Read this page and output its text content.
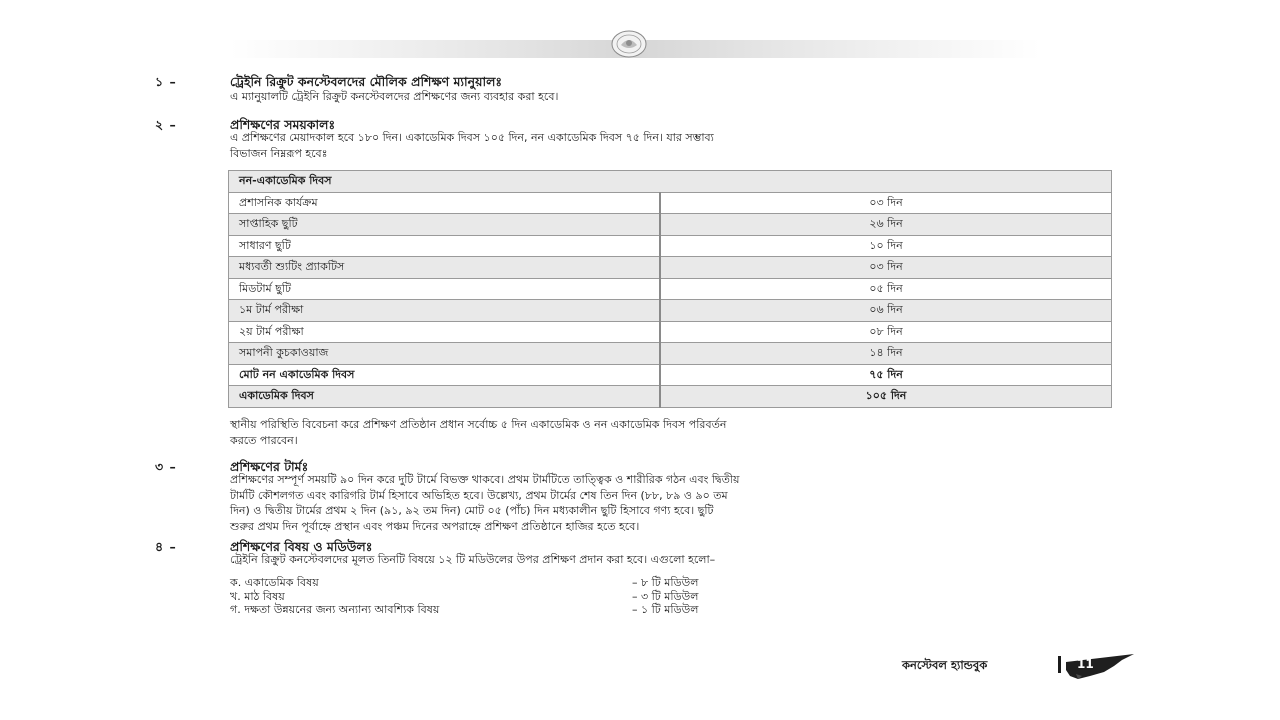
১ –	ট্রেইনি রিক্রুট কনস্টেবলদের মৌলিক প্রশিক্ষণ ম্যানুয়ালঃ
এ ম্যানুয়ালটি ট্রেইনি রিক্রুট কনস্টেবলদের প্রশিক্ষণের জন্য ব্যবহার করা হবে।
২ –	প্রশিক্ষণের সময়কালঃ
এ প্রশিক্ষণের মেয়াদকাল হবে ১৮০ দিন। একাডেমিক দিবস ১০৫ দিন, নন একাডেমিক দিবস ৭৫ দিন। যার সম্ভাব্য
বিভাজন নিম্নরূপ হবেঃ
নন-একাডেমিক দিবস	
প্রশাসনিক কার্যক্রম	০৩ দিন
সাপ্তাহিক ছুটি	২৬ দিন
সাধারণ ছুটি	১০ দিন
মধ্যবর্তী শ্যুটিং প্র্যাকটিস	০৩ দিন
মিডটার্ম ছুটি	০৫ দিন
১ম টার্ম পরীক্ষা	০৬ দিন
২য় টার্ম পরীক্ষা	০৮ দিন
সমাপনী কুচকাওয়াজ	১৪ দিন
মোট নন একাডেমিক দিবস	৭৫ দিন
একাডেমিক দিবস	১০৫ দিন
স্থানীয় পরিস্থিতি বিবেচনা করে প্রশিক্ষণ প্রতিষ্ঠান প্রধান সর্বোচ্চ ৫ দিন একাডেমিক ও নন একাডেমিক দিবস পরিবর্তন
করতে পারবেন।
৩ –	প্রশিক্ষণের টার্মঃ
প্রশিক্ষণের সম্পূর্ণ সময়টি ৯০ দিন করে দুটি টার্মে বিভক্ত থাকবে। প্রথম টার্মটিতে তাত্ত্বিক ও শারীরিক গঠন এবং দ্বিতীয়
টার্মটি কৌশলগত এবং কারিগরি টার্ম হিসাবে অভিহিত হবে। উল্লেখ্য, প্রথম টার্মের শেষ তিন দিন (৮৮, ৮৯ ও ৯০ তম
দিন) ও দ্বিতীয় টার্মের প্রথম ২ দিন (৯১, ৯২ তম দিন) মোট ০৫ (পাঁচ) দিন মধ্যকালীন ছুটি হিসাবে গণ্য হবে। ছুটি
শুরুর প্রথম দিন পূর্বাহ্নে প্রস্থান এবং পঞ্চম দিনের অপরাহ্নে প্রশিক্ষণ প্রতিষ্ঠানে হাজির হতে হবে।
৪ –	প্রশিক্ষণের বিষয় ও মডিউলঃ
ট্রেইনি রিক্রুট কনস্টেবলদের মূলত তিনটি বিষয়ে ১২ টি মডিউলের উপর প্রশিক্ষণ প্রদান করা হবে। এগুলো হলো–
ক. একাডেমিক বিষয়	– ৮ টি মডিউল
খ. মাঠ বিষয়	– ৩ টি মডিউল
গ. দক্ষতা উন্নয়নের জন্য অন্যান্য আবশ্যিক বিষয়	– ১ টি মডিউল
কনস্টেবল হ্যান্ডবুক	11
